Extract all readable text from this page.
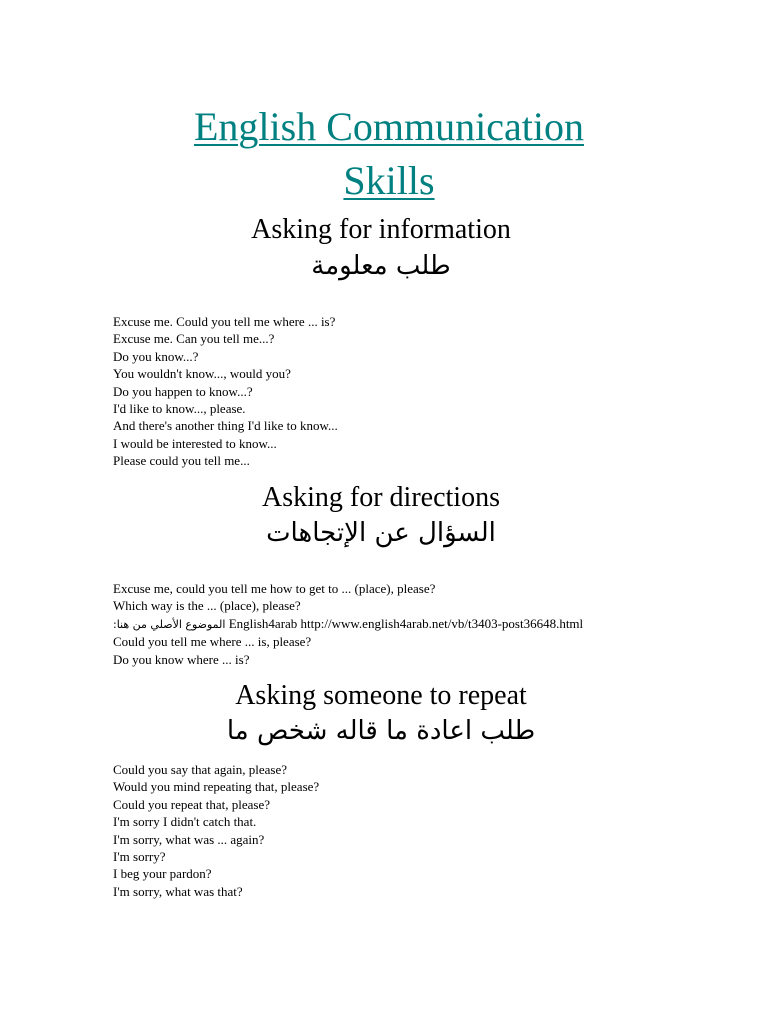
English Communication
Skills
Asking for information
طلب معلومة
Excuse me. Could you tell me where ... is?
Excuse me. Can you tell me...?
Do you know...?
You wouldn't know..., would you?
Do you happen to know...?
I'd like to know..., please.
And there's another thing I'd like to know...
I would be interested to know...
Please could you tell me...
Asking for directions
السؤال عن الإتجاهات
Excuse me, could you tell me how to get to ... (place), please?
Which way is the ... (place), please?
الموضوع الأصلي من هنا: English4arab http://www.english4arab.net/vb/t3403-post36648.html
Could you tell me where ... is, please?
Do you know where ... is?
Asking someone to repeat
طلب اعادة ما قاله شخص ما
Could you say that again, please?
Would you mind repeating that, please?
Could you repeat that, please?
I'm sorry I didn't catch that.
I'm sorry, what was ... again?
I'm sorry?
I beg your pardon?
I'm sorry, what was that?
